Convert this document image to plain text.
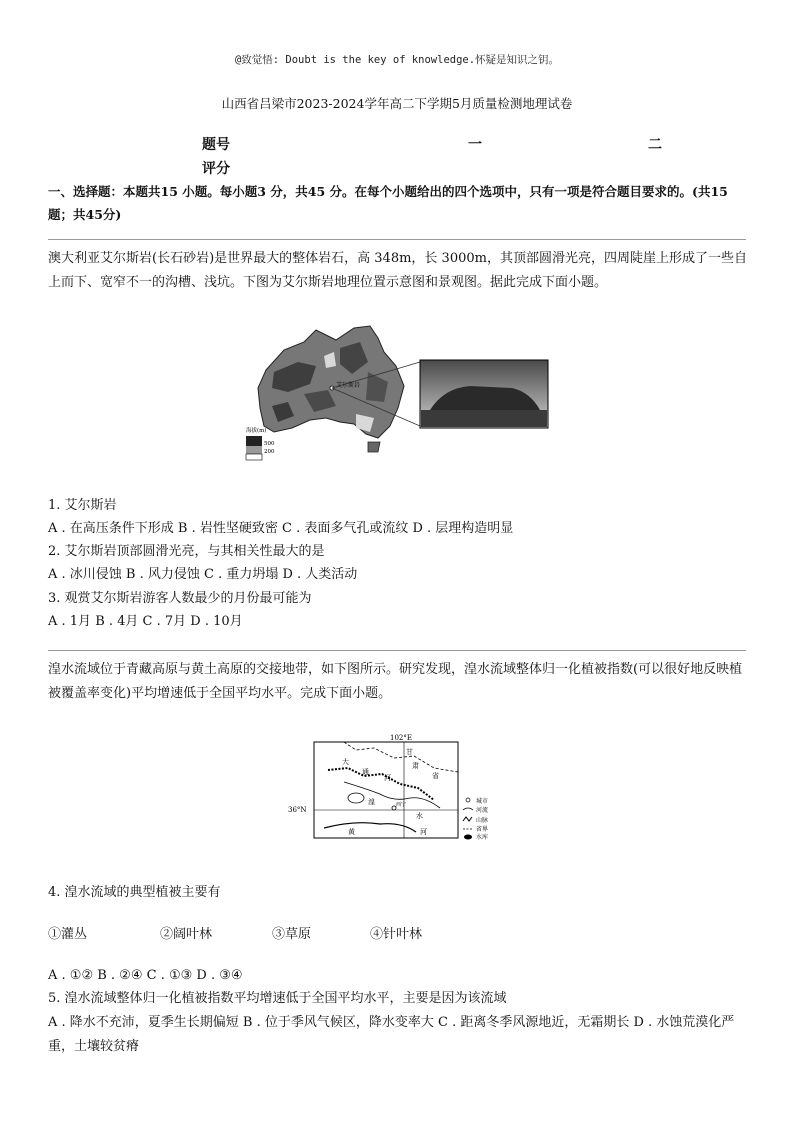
@致觉悟: Doubt is the key of knowledge.怀疑是知识之钥。
山西省吕梁市2023-2024学年高二下学期5月质量检测地理试卷
题号	一	二
评分
一、选择题：本题共15 小题。每小题3 分，共45 分。在每个小题给出的四个选项中，只有一项是符合题目要求的。(共15题；共45分)
澳大利亚艾尔斯岩(长石砂岩)是世界最大的整体岩石，高 348m，长 3000m，其顶部圆滑光亮，四周陡崖上形成了一些自上而下、宽窄不一的沟槽、浅坑。下图为艾尔斯岩地理位置示意图和景观图。据此完成下面小题。
艾尔斯岩
海拔(m)
500
200
1. 艾尔斯岩
A . 在高压条件下形成 B . 岩性坚硬致密 C . 表面多气孔或流纹 D . 层理构造明显
2. 艾尔斯岩顶部圆滑光亮，与其相关性最大的是
A . 冰川侵蚀 B . 风力侵蚀 C . 重力坍塌 D . 人类活动
3. 观赏艾尔斯岩游客人数最少的月份最可能为
A . 1月 B . 4月 C . 7月 D . 10月
湟水流域位于青藏高原与黄土高原的交接地带，如下图所示。研究发现，湟水流域整体归一化植被指数(可以很好地反映植被覆盖率变化)平均增速低于全国平均水平。完成下面小题。
102°E
36°N
甘
肃
省
大
通
河
湟	西宁
水
黄	河
城市
河流
山脉
省界
水库
4. 湟水流域的典型植被主要有
①灌丛	②阔叶林	③草原	④针叶林
A . ①② B . ②④ C . ①③ D . ③④
5. 湟水流域整体归一化植被指数平均增速低于全国平均水平，主要是因为该流域
A . 降水不充沛，夏季生长期偏短 B . 位于季风气候区，降水变率大 C . 距离冬季风源地近，无霜期长 D . 水蚀荒漠化严重，土壤较贫瘠
